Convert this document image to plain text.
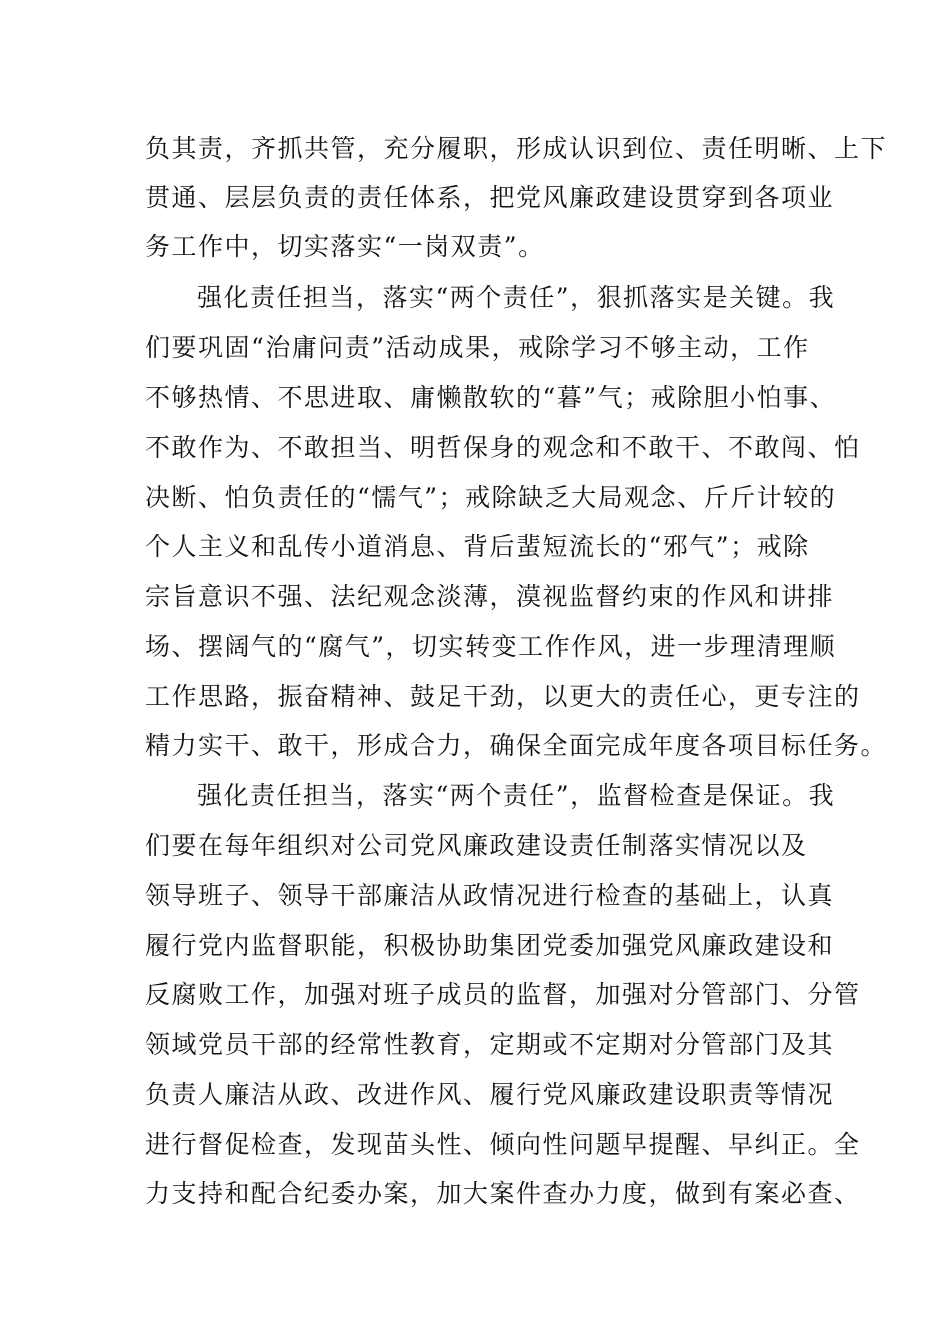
负其责，齐抓共管，充分履职，形成认识到位、责任明晰、上下
贯通、层层负责的责任体系，把党风廉政建设贯穿到各项业
务工作中，切实落实“一岗双责”。
强化责任担当，落实“两个责任”，狠抓落实是关键。我
们要巩固“治庸问责”活动成果，戒除学习不够主动，工作
不够热情、不思进取、庸懒散软的“暮”气；戒除胆小怕事、
不敢作为、不敢担当、明哲保身的观念和不敢干、不敢闯、怕
决断、怕负责任的“懦气”；戒除缺乏大局观念、斤斤计较的
个人主义和乱传小道消息、背后蜚短流长的“邪气”；戒除
宗旨意识不强、法纪观念淡薄，漠视监督约束的作风和讲排
场、摆阔气的“腐气”，切实转变工作作风，进一步理清理顺
工作思路，振奋精神、鼓足干劲，以更大的责任心，更专注的
精力实干、敢干，形成合力，确保全面完成年度各项目标任务。
强化责任担当，落实“两个责任”，监督检查是保证。我
们要在每年组织对公司党风廉政建设责任制落实情况以及
领导班子、领导干部廉洁从政情况进行检查的基础上，认真
履行党内监督职能，积极协助集团党委加强党风廉政建设和
反腐败工作，加强对班子成员的监督，加强对分管部门、分管
领域党员干部的经常性教育，定期或不定期对分管部门及其
负责人廉洁从政、改进作风、履行党风廉政建设职责等情况
进行督促检查，发现苗头性、倾向性问题早提醒、早纠正。全
力支持和配合纪委办案，加大案件查办力度，做到有案必查、
